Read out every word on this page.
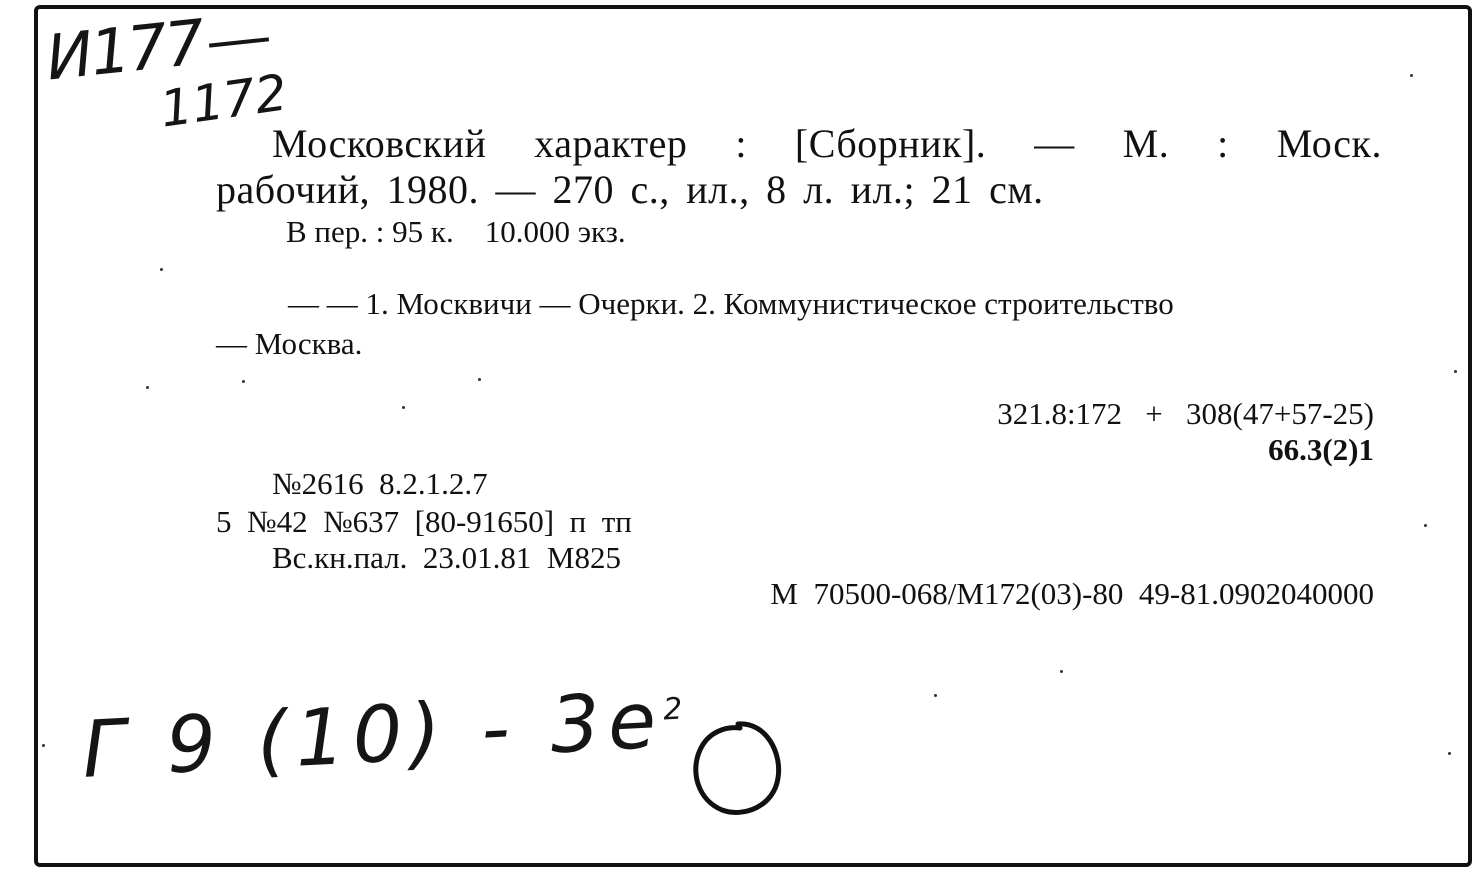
И177
1172
Московский характер : [Сборник]. — М. : Моск.
рабочий, 1980. — 270 с., ил., 8 л. ил.; 21 см.
В пер. : 95 к.    10.000 экз.
— — 1. Москвичи — Очерки. 2. Коммунистическое строительство
— Москва.
321.8:172   +   308(47+57-25)
66.3(2)1
№2616  8.2.1.2.7
5  №42  №637  [80-91650]  п  тп
Вс.кн.пал.  23.01.81  М825
М  70500-068/М172(03)-80  49-81.0902040000
Г 9 $(10) - 3е^2$
